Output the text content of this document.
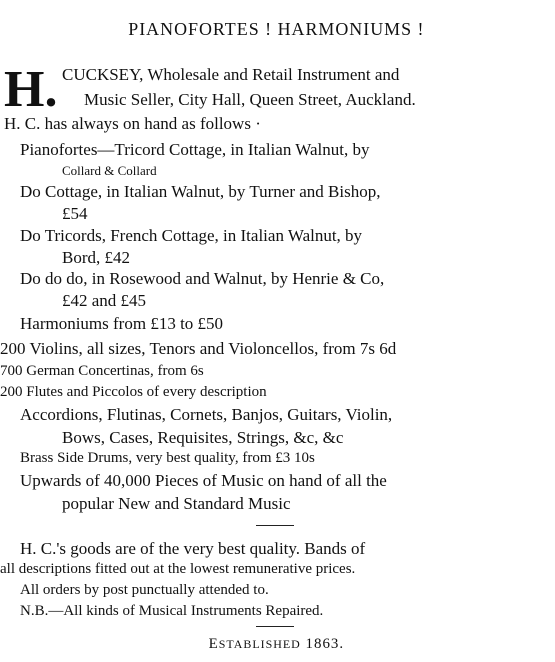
PIANOFORTES ! HARMONIUMS !
H. CUCKSEY, Wholesale and Retail Instrument and
Music Seller, City Hall, Queen Street, Auckland.
H. C. has always on hand as follows ·
Pianofortes—Tricord Cottage, in Italian Walnut, by
Collard & Collard
Do Cottage, in Italian Walnut, by Turner and Bishop,
£54
Do Tricords, French Cottage, in Italian Walnut, by
Bord, £42
Do do do, in Rosewood and Walnut, by Henrie & Co,
£42 and £45
Harmoniums from £13 to £50
200 Violins, all sizes, Tenors and Violoncellos, from 7s 6d
700 German Concertinas, from 6s
200 Flutes and Piccolos of every description
Accordions, Flutinas, Cornets, Banjos, Guitars, Violin,
Bows, Cases, Requisites, Strings, &c, &c
Brass Side Drums, very best quality, from £3 10s
Upwards of 40,000 Pieces of Music on hand of all the
popular New and Standard Music
H. C.'s goods are of the very best quality. Bands of
all descriptions fitted out at the lowest remunerative prices.
All orders by post punctually attended to.
N.B.—All kinds of Musical Instruments Repaired.
ESTABLISHED 1863.
